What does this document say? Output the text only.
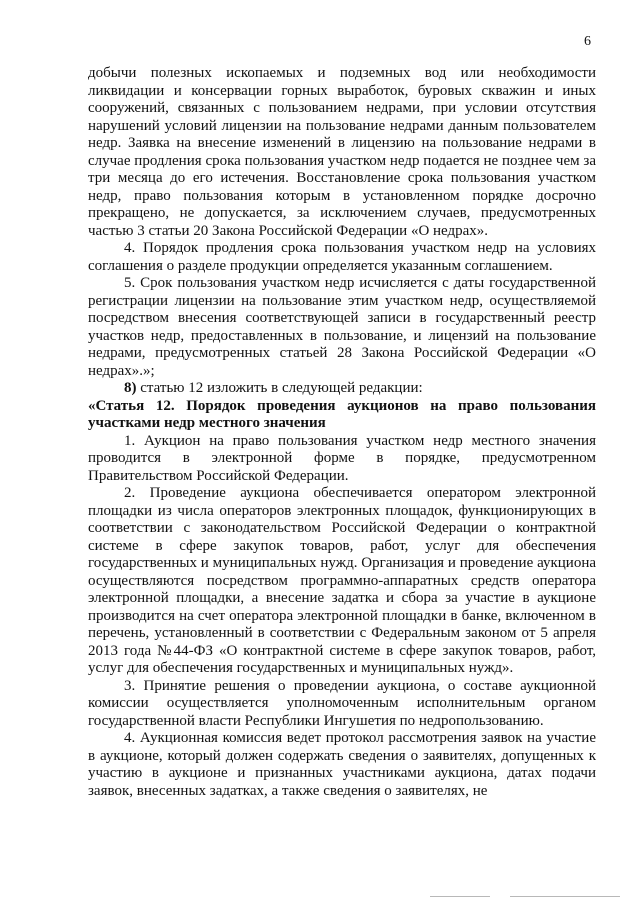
6

добычи полезных ископаемых и подземных вод или необходимости ликвидации и консервации горных выработок, буровых скважин и иных сооружений, связанных с пользованием недрами, при условии отсутствия нарушений условий лицензии на пользование недрами данным пользователем недр. Заявка на внесение изменений в лицензию на пользование недрами в случае продления срока пользования участком недр подается не позднее чем за три месяца до его истечения. Восстановление срока пользования участком недр, право пользования которым в установленном порядке досрочно прекращено, не допускается, за исключением случаев, предусмотренных частью 3 статьи 20 Закона Российской Федерации «О недрах».

4. Порядок продления срока пользования участком недр на условиях соглашения о разделе продукции определяется указанным соглашением.

5. Срок пользования участком недр исчисляется с даты государственной регистрации лицензии на пользование этим участком недр, осуществляемой посредством внесения соответствующей записи в государственный реестр участков недр, предоставленных в пользование, и лицензий на пользование недрами, предусмотренных статьей 28 Закона Российской Федерации «О недрах».»;

8) статью 12 изложить в следующей редакции:

«Статья 12. Порядок проведения аукционов на право пользования участками недр местного значения

1. Аукцион на право пользования участком недр местного значения проводится в электронной форме в порядке, предусмотренном Правительством Российской Федерации.

2. Проведение аукциона обеспечивается оператором электронной площадки из числа операторов электронных площадок, функционирующих в соответствии с законодательством Российской Федерации о контрактной системе в сфере закупок товаров, работ, услуг для обеспечения государственных и муниципальных нужд. Организация и проведение аукциона осуществляются посредством программно-аппаратных средств оператора электронной площадки, а внесение задатка и сбора за участие в аукционе производится на счет оператора электронной площадки в банке, включенном в перечень, установленный в соответствии с Федеральным законом от 5 апреля 2013 года №44-ФЗ «О контрактной системе в сфере закупок товаров, работ, услуг для обеспечения государственных и муниципальных нужд».

3. Принятие решения о проведении аукциона, о составе аукционной комиссии осуществляется уполномоченным исполнительным органом государственной власти Республики Ингушетия по недропользованию.

4. Аукционная комиссия ведет протокол рассмотрения заявок на участие в аукционе, который должен содержать сведения о заявителях, допущенных к участию в аукционе и признанных участниками аукциона, датах подачи заявок, внесенных задатках, а также сведения о заявителях, не
